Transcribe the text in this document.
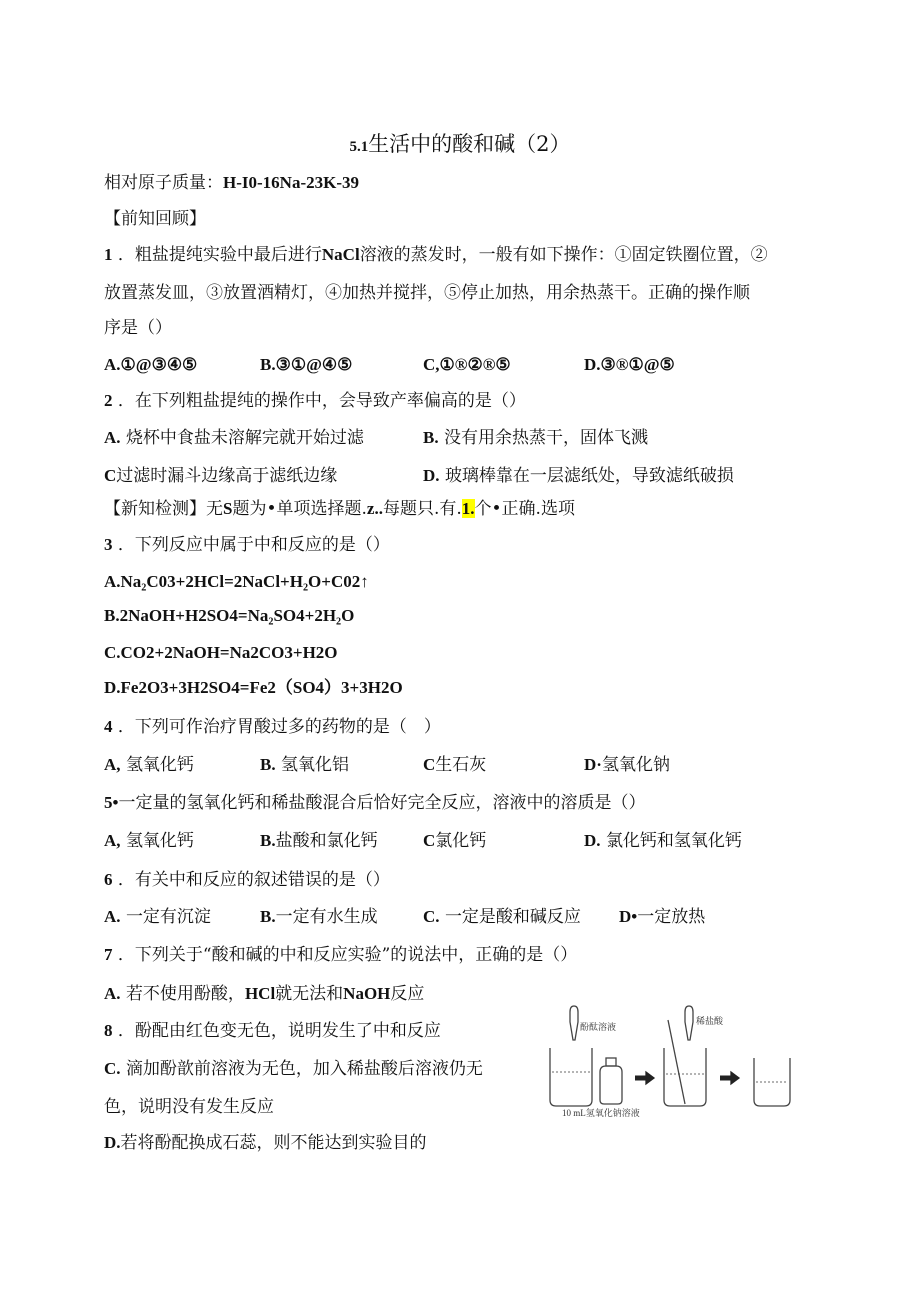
5.1生活中的酸和碱（2）
相对原子质量：H-I0-16Na-23K-39
【前知回顾】
1 ．粗盐提纯实验中最后进行NaCl溶液的蒸发时，一般有如下操作：①固定铁圈位置，②
放置蒸发皿，③放置酒精灯，④加热并搅拌，⑤停止加热，用余热蒸干。正确的操作顺
序是（）
A.①@③④⑤	B.③①@④⑤	C,①®②®⑤	D.③®①@⑤
2 ．在下列粗盐提纯的操作中，会导致产率偏高的是（）
A. 烧杯中食盐未溶解完就开始过滤	B. 没有用余热蒸干，固体飞溅
C过滤时漏斗边缘高于滤纸边缘	D. 玻璃棒靠在一层滤纸处，导致滤纸破损
【新知检测】无S题为•单项选择题.z..每题只.有.1.个•正确.选项
3 ．下列反应中属于中和反应的是（）
A.Na₂C03+2HCl=2NaCl+H₂O+C02↑
B.2NaOH+H2SO4=Na₂SO4+2H₂O
C.CO2+2NaOH=Na2CO3+H2O
D.Fe2O3+3H2SO4=Fe2（SO4）3+3H2O
4 ．下列可作治疗胃酸过多的药物的是（　）
A, 氢氧化钙	B. 氢氧化铝	C生石灰	D·氢氧化钠
5•一定量的氢氧化钙和稀盐酸混合后恰好完全反应，溶液中的溶质是（）
A, 氢氧化钙	B.盐酸和氯化钙	C氯化钙	D. 氯化钙和氢氧化钙
6 ．有关中和反应的叙述错误的是（）
A. 一定有沉淀	B.一定有水生成	C. 一定是酸和碱反应 D•一定放热
7 ．下列关于“酸和碱的中和反应实验”的说法中，正确的是（）
A. 若不使用酚酸，HCl就无法和NaOH反应
8 ．酚配由红色变无色，说明发生了中和反应
C. 滴加酚歆前溶液为无色，加入稀盐酸后溶液仍无
色，说明没有发生反应
D.若将酚配换成石蕊，则不能达到实验目的
酚酞溶液
稀盐酸
10 mL氢氧化钠溶液
